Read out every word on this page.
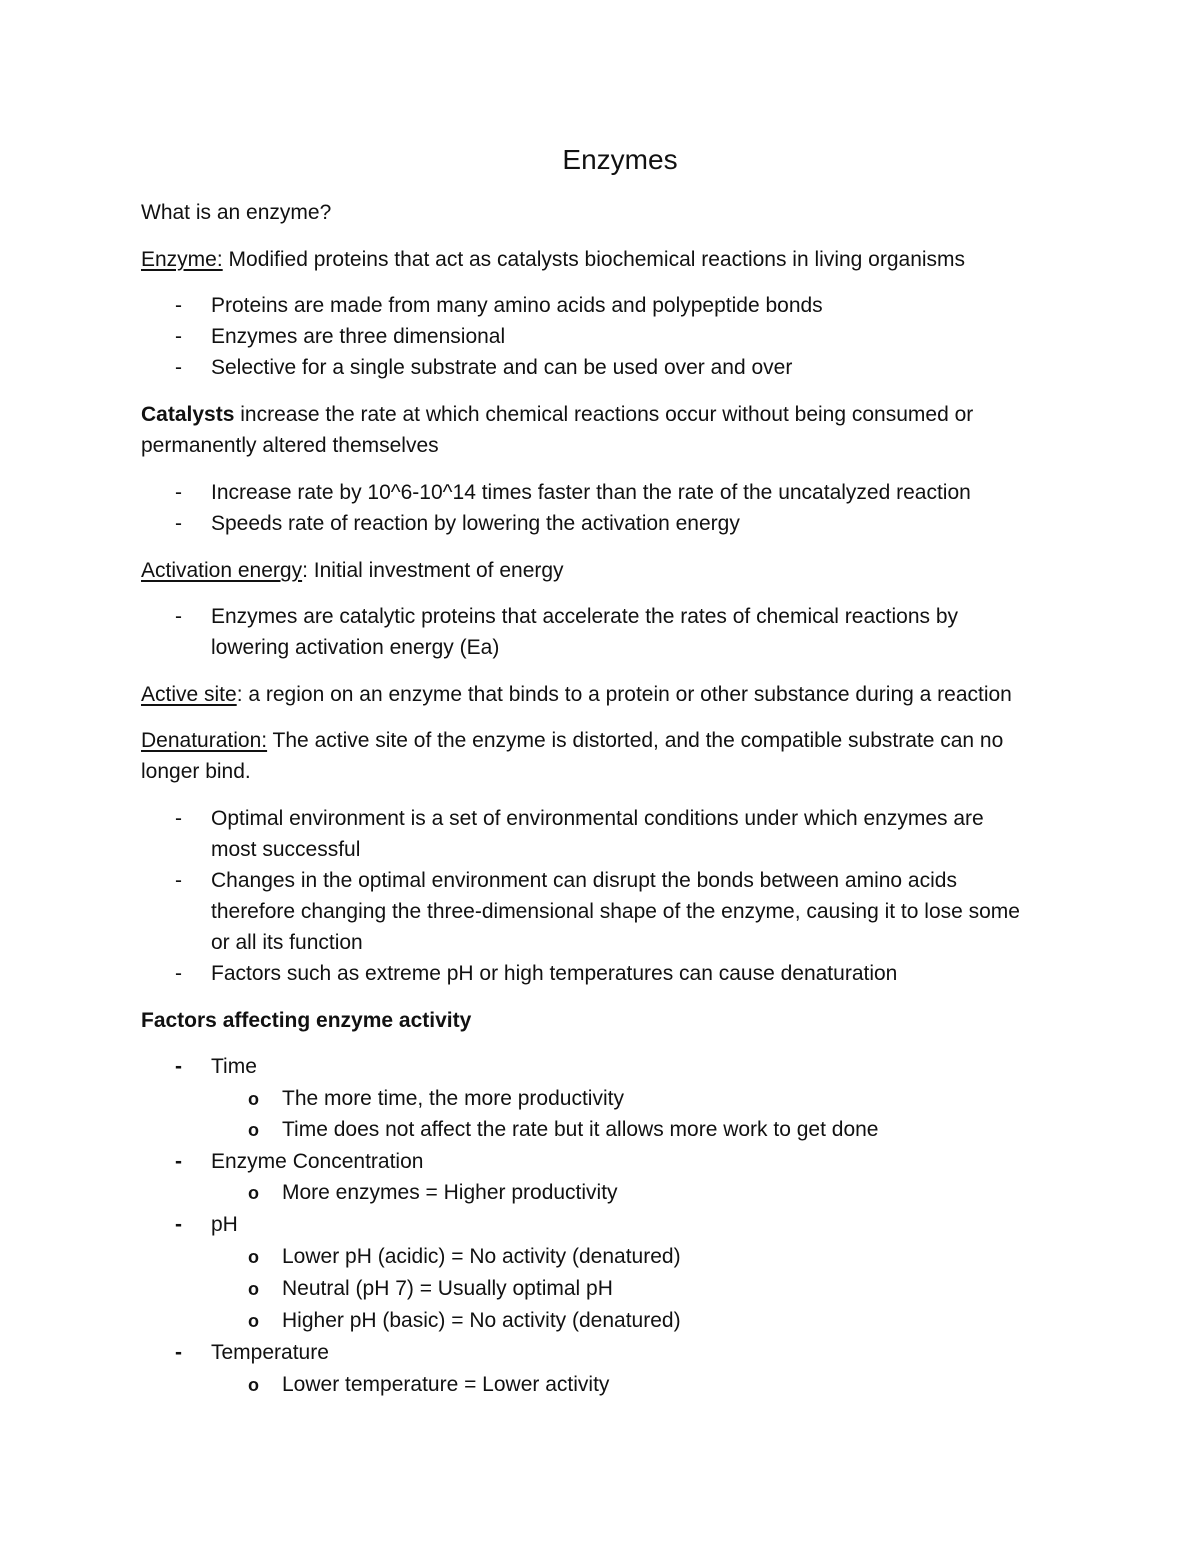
Enzymes
What is an enzyme?
Enzyme: Modified proteins that act as catalysts biochemical reactions in living organisms
-	Proteins are made from many amino acids and polypeptide bonds
-	Enzymes are three dimensional
-	Selective for a single substrate and can be used over and over
Catalysts increase the rate at which chemical reactions occur without being consumed or
permanently altered themselves
-	Increase rate by 10^6-10^14 times faster than the rate of the uncatalyzed reaction
-	Speeds rate of reaction by lowering the activation energy
Activation energy: Initial investment of energy
-	Enzymes are catalytic proteins that accelerate the rates of chemical reactions by
lowering activation energy (Ea)
Active site: a region on an enzyme that binds to a protein or other substance during a reaction
Denaturation: The active site of the enzyme is distorted, and the compatible substrate can no
longer bind.
-	Optimal environment is a set of environmental conditions under which enzymes are
most successful
-	Changes in the optimal environment can disrupt the bonds between amino acids
therefore changing the three-dimensional shape of the enzyme, causing it to lose some
or all its function
-	Factors such as extreme pH or high temperatures can cause denaturation
Factors affecting enzyme activity
-	Time
o The more time, the more productivity
o Time does not affect the rate but it allows more work to get done
-	Enzyme Concentration
o More enzymes = Higher productivity
-	pH
o Lower pH (acidic) = No activity (denatured)
o Neutral (pH 7) = Usually optimal pH
o Higher pH (basic) = No activity (denatured)
-	Temperature
o Lower temperature = Lower activity
